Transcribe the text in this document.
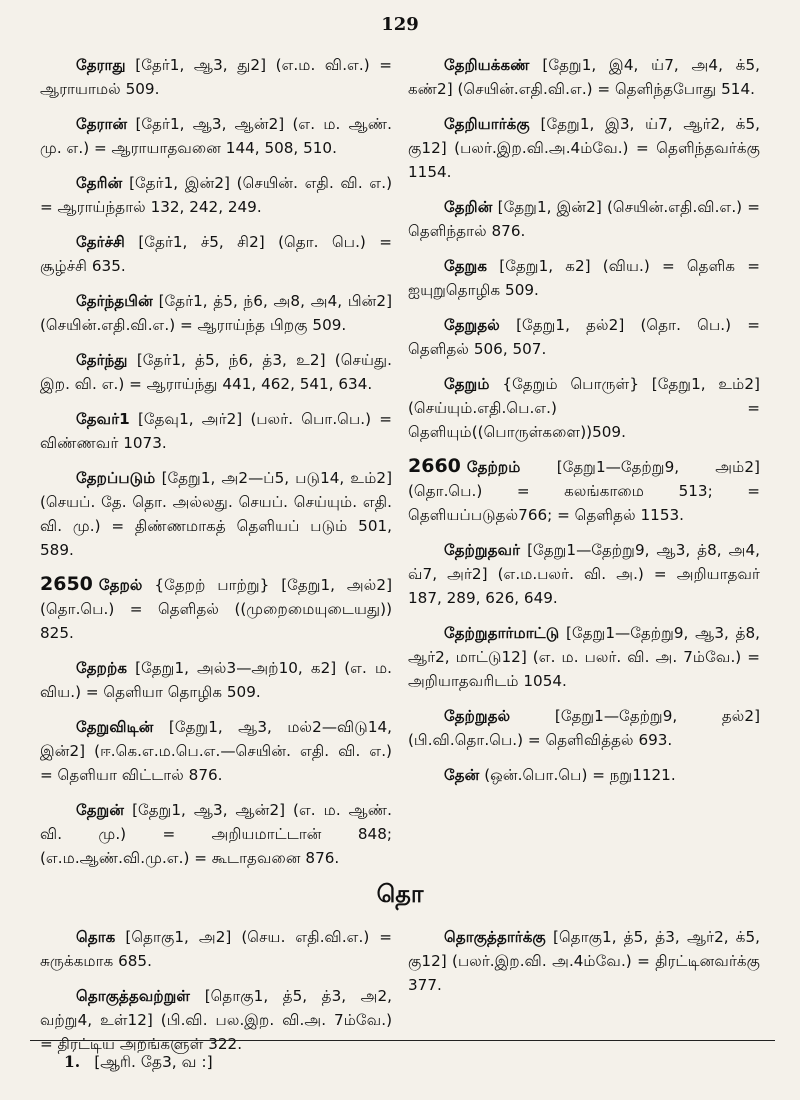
129

தேராது [தேர்1, ஆ3, து2] (எ.ம. வி.எ.) = ஆராயாமல் 509.

தேரான் [தேர்1, ஆ3, ஆன்2] (எ. ம. ஆண். மு. எ.) = ஆராயாதவனை 144, 508, 510.

தேரின் [தேர்1, இன்2] (செயின். எதி. வி. எ.) = ஆராய்ந்தால் 132, 242, 249.

தேர்ச்சி [தேர்1, ச்5, சி2] (தொ. பெ.) = சூழ்ச்சி 635.

தேர்ந்தபின் [தேர்1, த்5, ந்6, அ8, அ4, பின்2] (செயின்.எதி.வி.எ.) = ஆராய்ந்த பிறகு 509.

தேர்ந்து [தேர்1, த்5, ந்6, த்3, உ2] (செய்து. இற. வி. எ.) = ஆராய்ந்து 441, 462, 541, 634.

தேவர்1 [தேவு1, அர்2] (பலர். பொ.பெ.) = விண்ணவர் 1073.

தேறப்படும் [தேறு1, அ2—ப்5, படு14, உம்2] (செயப். தே. தொ. அல்லது. செயப். செய்யும். எதி. வி. மு.) = திண்ணமாகத் தெளியப் படும் 501, 589.

2650 தேறல் {தேறற் பாற்று} [தேறு1, அல்2] (தொ.பெ.) = தெளிதல் ((முறைமையுடையது)) 825.

தேறற்க [தேறு1, அல்3—அற்10, க2] (எ. ம. விய.) = தெளியா தொழிக 509.

தேறுவிடின் [தேறு1, ஆ3, மல்2—விடு14, இன்2] (ஈ.கெ.எ.ம.பெ.எ.—செயின். எதி. வி. எ.) = தெளியா விட்டால் 876.

தேறுன் [தேறு1, ஆ3, ஆன்2] (எ. ம. ஆண். வி. மு.) = அறியமாட்டான் 848; (எ.ம.ஆண்.வி.மு.எ.) = கூடாதவனை 876.

தேறியக்கண் [தேறு1, இ4, ய்7, அ4, க்5, கண்2] (செயின்.எதி.வி.எ.) = தெளிந்தபோது 514.

தேறியார்க்கு [தேறு1, இ3, ய்7, ஆர்2, க்5, கு12] (பலர்.இற.வி.அ.4ம்வே.) = தெளிந்தவர்க்கு 1154.

தேறின் [தேறு1, இன்2] (செயின்.எதி.வி.எ.) = தெளிந்தால் 876.

தேறுக [தேறு1, க2] (விய.) = தெளிக = ஐயுறுதொழிக 509.

தேறுதல் [தேறு1, தல்2] (தொ. பெ.) = தெளிதல் 506, 507.

தேறும் {தேறும் பொருள்} [தேறு1, உம்2] (செய்யும்.எதி.பெ.எ.) = தெளியும்((பொருள்களை))509.

2660 தேற்றம் [தேறு1—தேற்று9, அம்2] (தொ.பெ.) = கலங்காமை 513; = தெளியப்படுதல்766; = தெளிதல் 1153.

தேற்றுதவர் [தேறு1—தேற்று9, ஆ3, த்8, அ4, வ்7, அர்2] (எ.ம.பலர். வி. அ.) = அறியாதவர் 187, 289, 626, 649.

தேற்றுதார்மாட்டு [தேறு1—தேற்று9, ஆ3, த்8, ஆர்2, மாட்டு12] (எ. ம. பலர். வி. அ. 7ம்வே.) = அறியாதவரிடம் 1054.

தேற்றுதல் [தேறு1—தேற்று9, தல்2] (பி.வி.தொ.பெ.) = தெளிவித்தல் 693.

தேன் (ஒன்.பொ.பெ) = நறு1121.

தொ

தொக [தொகு1, அ2] (செய. எதி.வி.எ.) = சுருக்கமாக 685.

தொகுத்தவற்றுள் [தொகு1, த்5, த்3, அ2, வற்று4, உள்12] (பி.வி. பல.இற. வி.அ. 7ம்வே.) = திரட்டிய அறங்களுள் 322.

தொகுத்தார்க்கு [தொகு1, த்5, த்3, ஆர்2, க்5, கு12] (பலர்.இற.வி. அ.4ம்வே.) = திரட்டினவர்க்கு 377.

1. [ஆரி. தே3, வ :]
